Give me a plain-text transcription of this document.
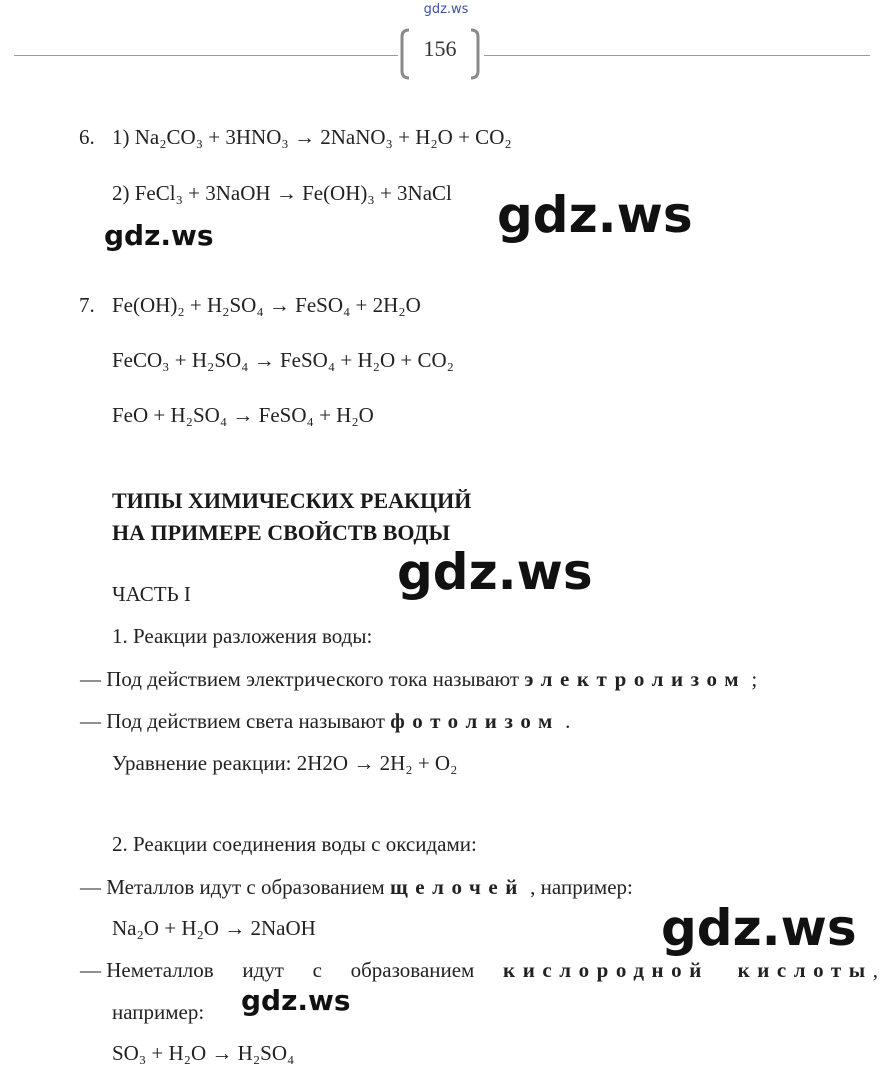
gdz.ws
156
6. 1) Na₂CO₃ + 3HNO₃ → 2NaNO₃ + H₂O + CO₂
2) FeCl₃ + 3NaOH → Fe(OH)₃ + 3NaCl gdz.ws
gdz.ws
7. Fe(OH)₂ + H₂SO₄ → FeSO₄ + 2H₂O
FeCO₃ + H₂SO₄ → FeSO₄ + H₂O + CO₂
FeO + H₂SO₄ → FeSO₄ + H₂O
ТИПЫ ХИМИЧЕСКИХ РЕАКЦИЙ
НА ПРИМЕРЕ СВОЙСТВ ВОДЫ
gdz.ws
ЧАСТЬ I
1. Реакции разложения воды:
— Под действием электрического тока называют электролизом ;
— Под действием света называют фотолизом .
Уравнение реакции: 2H2O → 2H₂ + O₂
2. Реакции соединения воды с оксидами:
— Металлов идут с образованием щелочей , например:
Na₂O + H₂O → 2NaOH	gdz.ws
— Неметаллов идут с образованием кислородной кислоты,
например: gdz.ws
SO₃ + H₂O → H₂SO₄
